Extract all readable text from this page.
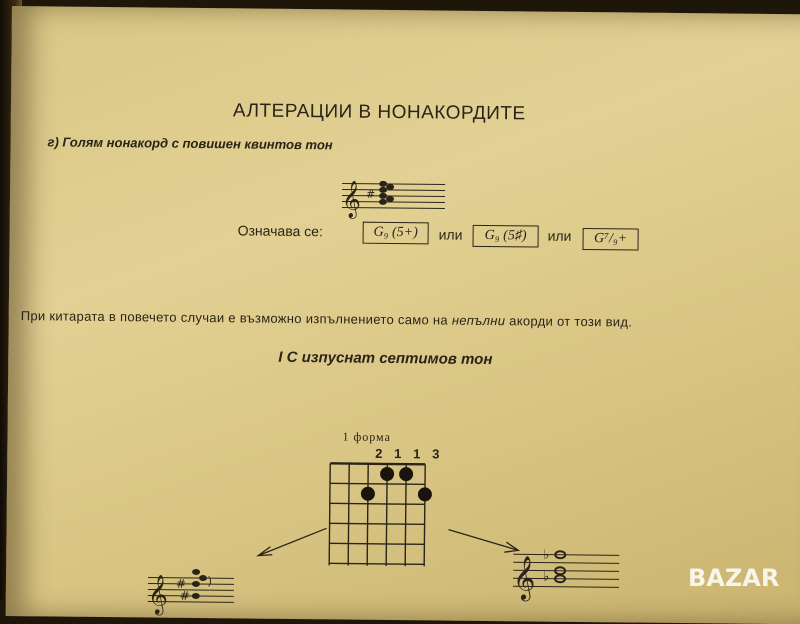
АЛТЕРАЦИИ В НОНАКОРДИТЕ
г) Голям нонакорд с повишен квинтов тон
𝄞 #
Означава се:	G₉ (5+)	или	G₉ (5♯)	или	G⁷/₉+
При китарата в повечето случаи е възможно изпълнението само на непълни акорди от този вид.
I С изпуснат септимов тон
1 форма
2 1 1 3
𝄞 #
#
)	𝄞
♭
♭	BAZAR
